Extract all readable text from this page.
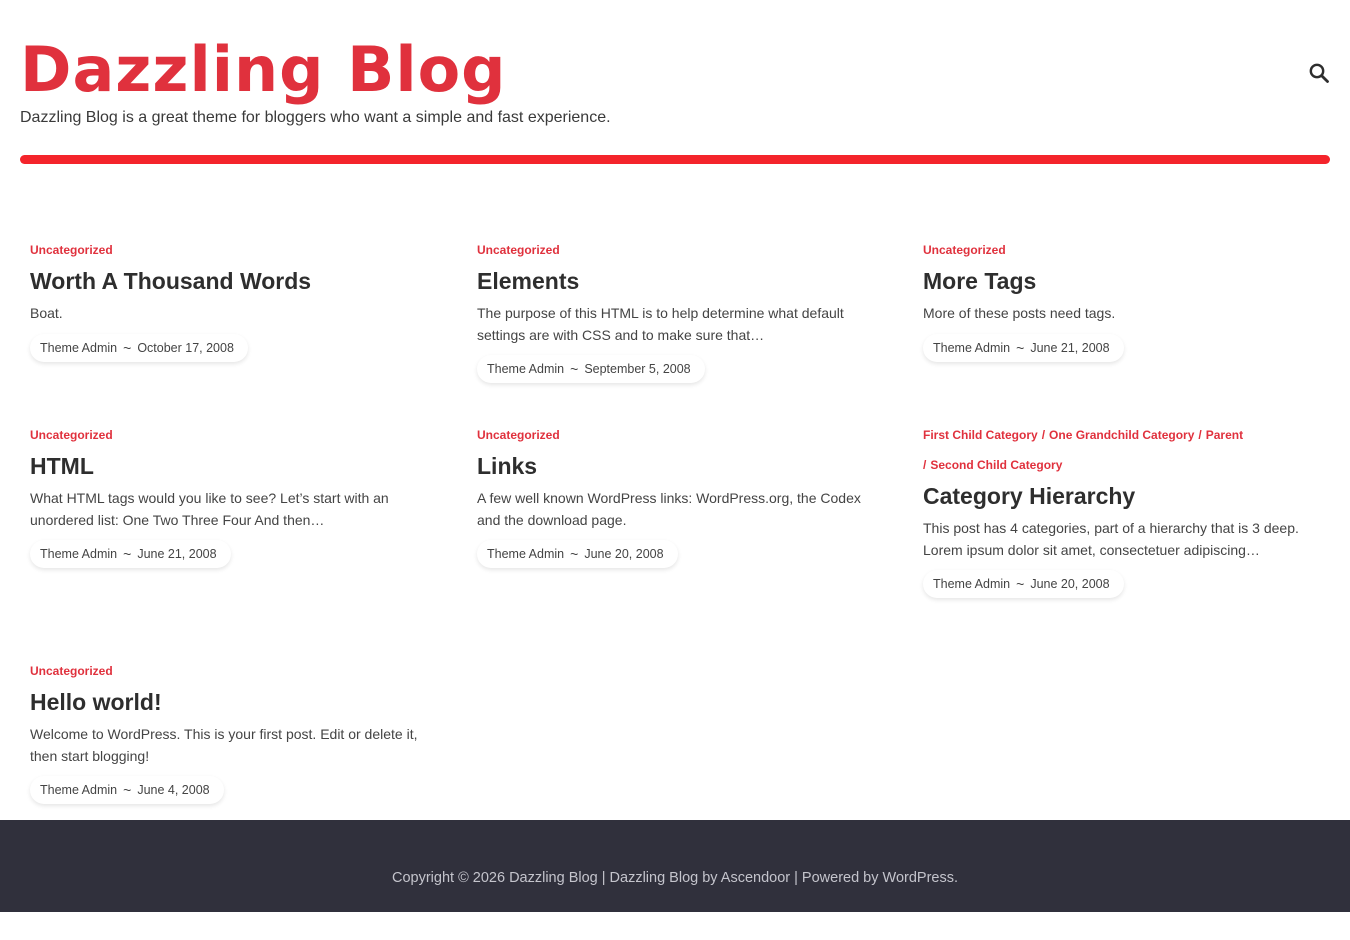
Dazzling Blog
Dazzling Blog is a great theme for bloggers who want a simple and fast experience.
Uncategorized
Worth A Thousand Words
Boat.
Theme Admin ~ October 17, 2008
Uncategorized
Elements
The purpose of this HTML is to help determine what default settings are with CSS and to make sure that…
Theme Admin ~ September 5, 2008
Uncategorized
More Tags
More of these posts need tags.
Theme Admin ~ June 21, 2008
Uncategorized
HTML
What HTML tags would you like to see? Let’s start with an unordered list: One Two Three Four And then…
Theme Admin ~ June 21, 2008
Uncategorized
Links
A few well known WordPress links: WordPress.org, the Codex and the download page.
Theme Admin ~ June 20, 2008
First Child Category / One Grandchild Category / Parent
/ Second Child Category
Category Hierarchy
This post has 4 categories, part of a hierarchy that is 3 deep. Lorem ipsum dolor sit amet, consectetuer adipiscing…
Theme Admin ~ June 20, 2008
Uncategorized
Hello world!
Welcome to WordPress. This is your first post. Edit or delete it, then start blogging!
Theme Admin ~ June 4, 2008
Copyright © 2026 Dazzling Blog | Dazzling Blog by Ascendoor | Powered by WordPress.
